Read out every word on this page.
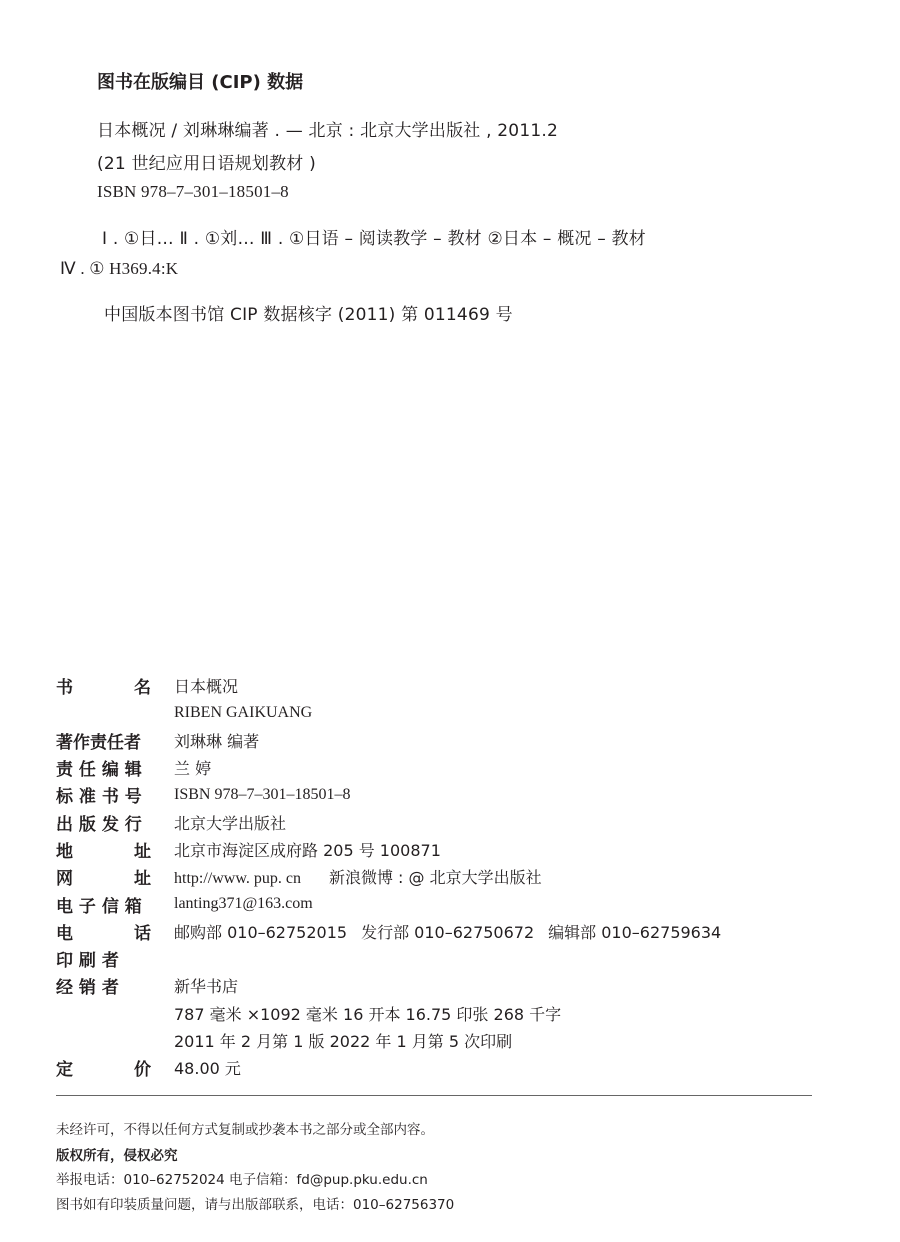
图书在版编目 (CIP) 数据
日本概况 / 刘琳琳编著 . — 北京 : 北京大学出版社 , 2011.2
(21 世纪应用日语规划教材 )
ISBN 978–7–301–18501–8
Ⅰ . ①日… Ⅱ . ①刘… Ⅲ . ①日语 – 阅读教学 – 教材 ②日本 – 概况 – 教材
Ⅳ . ① H369.4:K
中国版本图书馆 CIP 数据核字 (2011) 第 011469 号
书	名 日本概况
RIBEN GAIKUANG
著作责任者	刘琳琳 编著
责 任 编 辑	兰 婷
标 准 书 号	ISBN 978–7–301–18501–8
出 版 发 行	北京大学出版社
地	址 北京市海淀区成府路 205 号 100871
网	址 http://www. pup. cn 新浪微博 : @ 北京大学出版社
电 子 信 箱	lanting371@163.com
电	话 邮购部 010–62752015 发行部 010–62750672 编辑部 010–62759634
印 刷 者
经 销 者	新华书店
787 毫米 ×1092 毫米 16 开本 16.75 印张 268 千字
2011 年 2 月第 1 版 2022 年 1 月第 5 次印刷
定	价 48.00 元
未经许可，不得以任何方式复制或抄袭本书之部分或全部内容。
版权所有，侵权必究
举报电话：010–62752024 电子信箱：fd@pup.pku.edu.cn
图书如有印装质量问题，请与出版部联系，电话：010–62756370
